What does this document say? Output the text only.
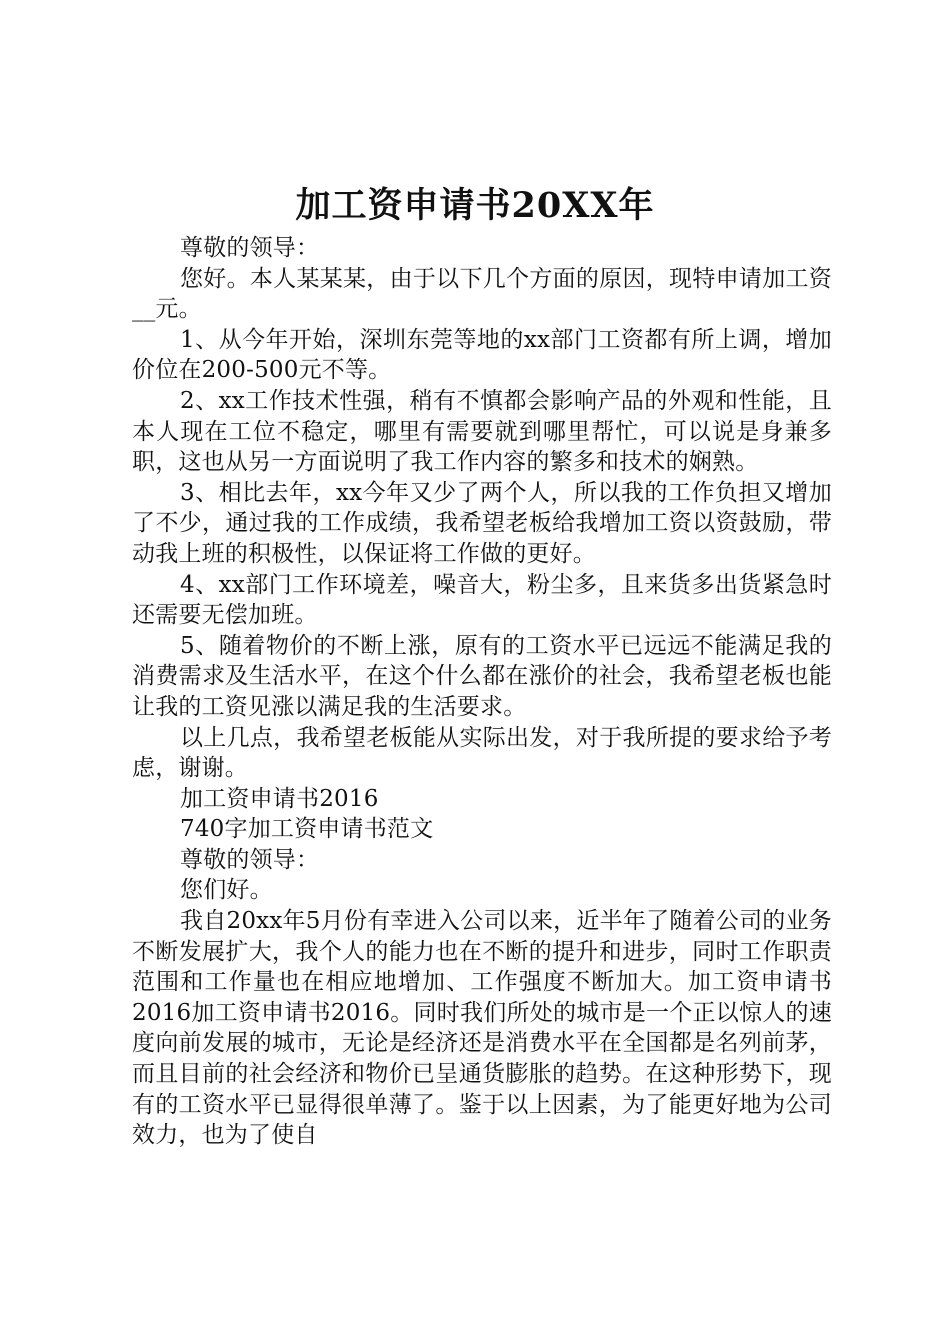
加工资申请书20XX年

尊敬的领导：

您好。本人某某某，由于以下几个方面的原因，现特申请加工资__元。

1、从今年开始，深圳东莞等地的xx部门工资都有所上调，增加价位在200-500元不等。

2、xx工作技术性强，稍有不慎都会影响产品的外观和性能，且本人现在工位不稳定，哪里有需要就到哪里帮忙，可以说是身兼多职，这也从另一方面说明了我工作内容的繁多和技术的娴熟。

3、相比去年，xx今年又少了两个人，所以我的工作负担又增加了不少，通过我的工作成绩，我希望老板给我增加工资以资鼓励，带动我上班的积极性，以保证将工作做的更好。

4、xx部门工作环境差，噪音大，粉尘多，且来货多出货紧急时还需要无偿加班。

5、随着物价的不断上涨，原有的工资水平已远远不能满足我的消费需求及生活水平，在这个什么都在涨价的社会，我希望老板也能让我的工资见涨以满足我的生活要求。

以上几点，我希望老板能从实际出发，对于我所提的要求给予考虑，谢谢。

加工资申请书2016

740字加工资申请书范文

尊敬的领导：

您们好。

我自20xx年5月份有幸进入公司以来，近半年了随着公司的业务不断发展扩大，我个人的能力也在不断的提升和进步，同时工作职责范围和工作量也在相应地增加、工作强度不断加大。加工资申请书2016加工资申请书2016。同时我们所处的城市是一个正以惊人的速度向前发展的城市，无论是经济还是消费水平在全国都是名列前茅，而且目前的社会经济和物价已呈通货膨胀的趋势。在这种形势下，现有的工资水平已显得很单薄了。鉴于以上因素，为了能更好地为公司效力，也为了使自
